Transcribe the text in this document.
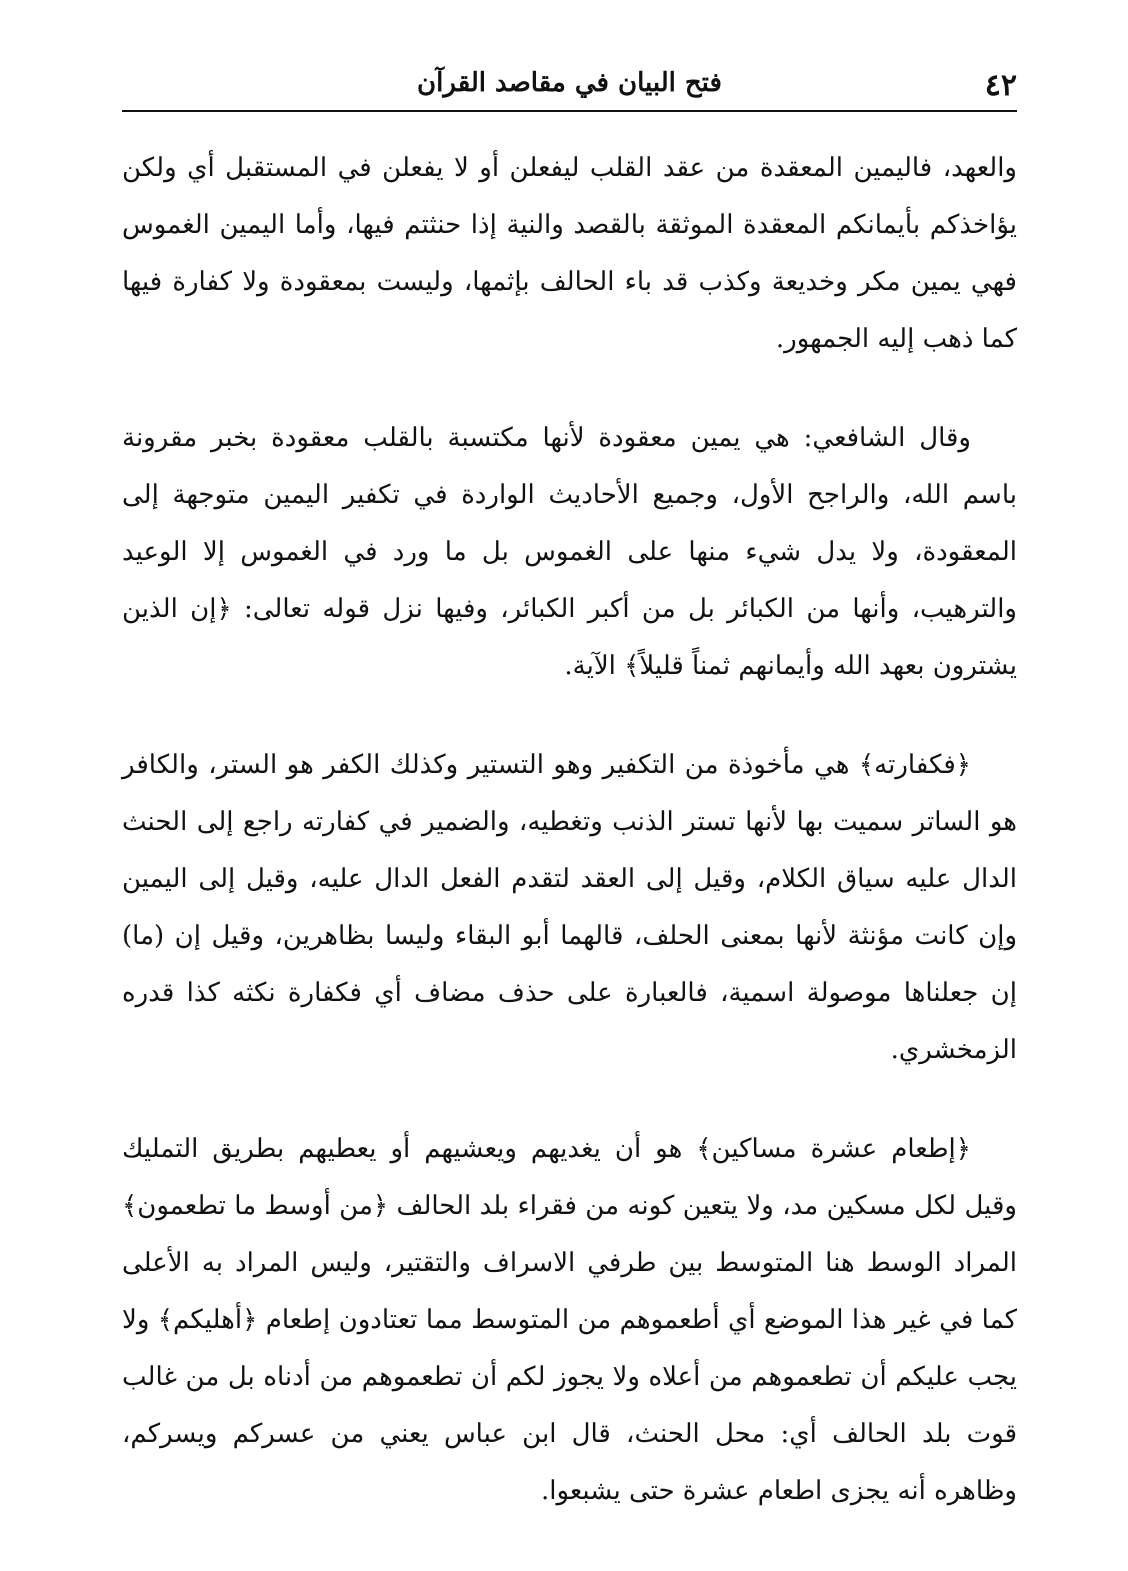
٤٢
فتح البيان في مقاصد القرآن

والعهد، فاليمين المعقدة من عقد القلب ليفعلن أو لا يفعلن في المستقبل أي ولكن يؤاخذكم بأيمانكم المعقدة الموثقة بالقصد والنية إذا حنثتم فيها، وأما اليمين الغموس فهي يمين مكر وخديعة وكذب قد باء الحالف بإثمها، وليست بمعقودة ولا كفارة فيها كما ذهب إليه الجمهور.

وقال الشافعي: هي يمين معقودة لأنها مكتسبة بالقلب معقودة بخبر مقرونة باسم الله، والراجح الأول، وجميع الأحاديث الواردة في تكفير اليمين متوجهة إلى المعقودة، ولا يدل شيء منها على الغموس بل ما ورد في الغموس إلا الوعيد والترهيب، وأنها من الكبائر بل من أكبر الكبائر، وفيها نزل قوله تعالى: ﴿إن الذين يشترون بعهد الله وأيمانهم ثمناً قليلاً﴾ الآية.

﴿فكفارته﴾ هي مأخوذة من التكفير وهو التستير وكذلك الكفر هو الستر، والكافر هو الساتر سميت بها لأنها تستر الذنب وتغطيه، والضمير في كفارته راجع إلى الحنث الدال عليه سياق الكلام، وقيل إلى العقد لتقدم الفعل الدال عليه، وقيل إلى اليمين وإن كانت مؤنثة لأنها بمعنى الحلف، قالهما أبو البقاء وليسا بظاهرين، وقيل إن (ما) إن جعلناها موصولة اسمية، فالعبارة على حذف مضاف أي فكفارة نكثه كذا قدره الزمخشري.

﴿إطعام عشرة مساكين﴾ هو أن يغديهم ويعشيهم أو يعطيهم بطريق التمليك وقيل لكل مسكين مد، ولا يتعين كونه من فقراء بلد الحالف ﴿من أوسط ما تطعمون﴾ المراد الوسط هنا المتوسط بين طرفي الاسراف والتقتير، وليس المراد به الأعلى كما في غير هذا الموضع أي أطعموهم من المتوسط مما تعتادون إطعام ﴿أهليكم﴾ ولا يجب عليكم أن تطعموهم من أعلاه ولا يجوز لكم أن تطعموهم من أدناه بل من غالب قوت بلد الحالف أي: محل الحنث، قال ابن عباس يعني من عسركم ويسركم، وظاهره أنه يجزى اطعام عشرة حتى يشبعوا.
